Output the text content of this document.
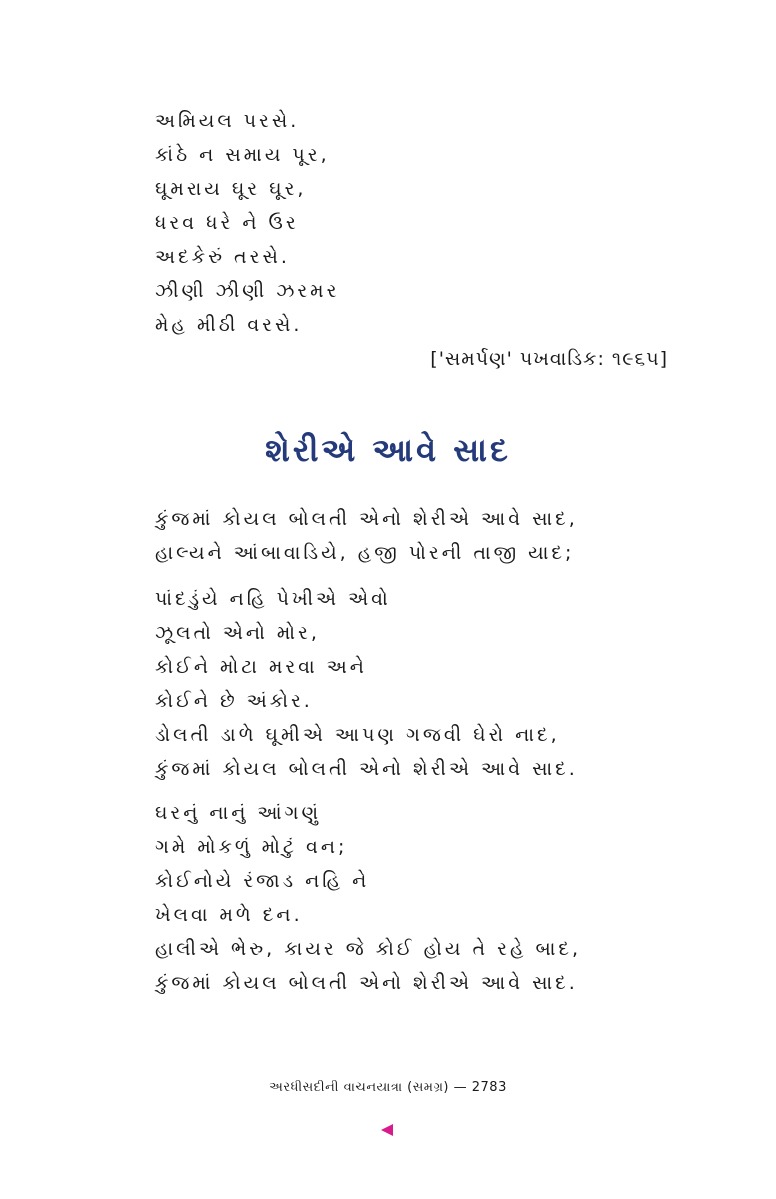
અમિયલ પરસે.
કાંઠે ન સમાય પૂર,
ઘૂમરાય ઘૂર ઘૂર,
ધરવ ધરે ને ઉર
અદકેરું તરસે.
ઝીણી ઝીણી ઝરમર
મેહ મીઠી વરસે.
['સમર્પણ' પખવાડિક: ૧૯૬૫]
શેરીએ આવે સાદ
કુંજમાં કોયલ બોલતી એનો શેરીએ આવે સાદ,
હાલ્યને આંબાવાડિયે, હજી પોરની તાજી યાદ;
પાંદડુંયે નહિ પેખીએ એવો
ઝૂલતો એનો મોર,
કોઈને મોટા મરવા અને
કોઈને છે અંકોર.
ડોલતી ડાળે ઘૂમીએ આપણ ગજવી ઘેરો નાદ,
કુંજમાં કોયલ બોલતી એનો શેરીએ આવે સાદ.
ઘરનું નાનું આંગણું
ગમે મોકળું મોટું વન;
કોઈનોયે રંજાડ નહિ ને
ખેલવા મળે દન.
હાલીએ ભેરુ, કાયર જે કોઈ હોય તે રહે બાદ,
કુંજમાં કોયલ બોલતી એનો શેરીએ આવે સાદ.
અરધીસદીની વાચનયાત્રા (સમગ્ર) — 2783
